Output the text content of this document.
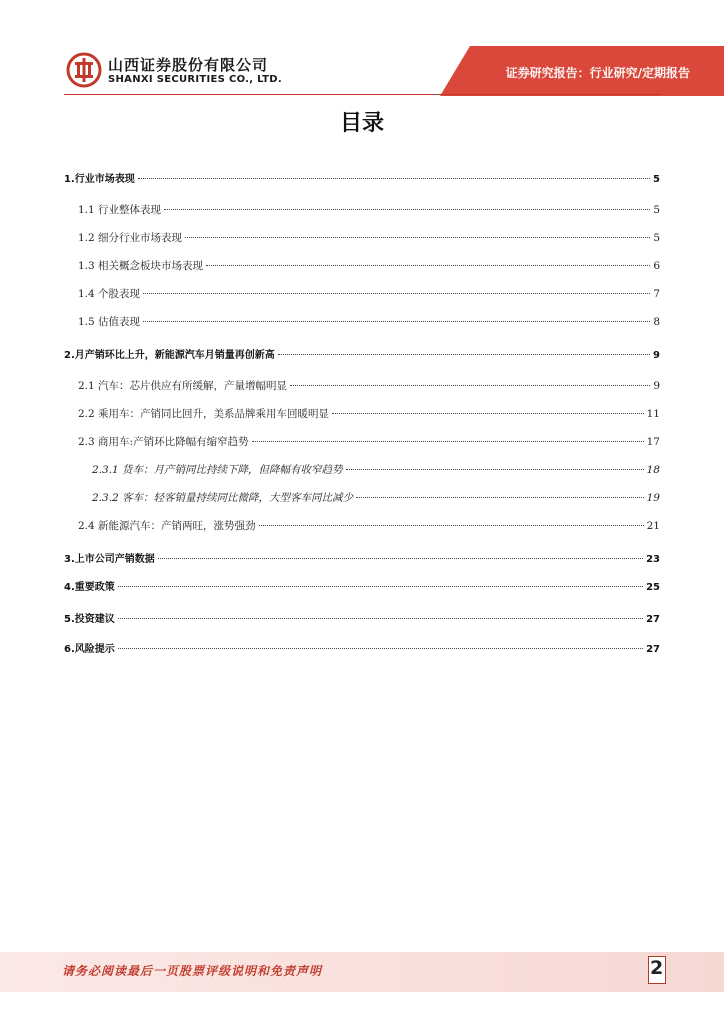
山西证券股份有限公司
SHANXI SECURITIES CO., LTD.	证券研究报告：行业研究/定期报告
目录
1.行业市场表现	5
1.1 行业整体表现	5
1.2 细分行业市场表现	5
1.3 相关概念板块市场表现	6
1.4 个股表现	7
1.5 估值表现	8
2.月产销环比上升，新能源汽车月销量再创新高	9
2.1 汽车：芯片供应有所缓解，产量增幅明显	9
2.2 乘用车：产销同比回升，美系品牌乘用车回暖明显	11
2.3 商用车:产销环比降幅有缩窄趋势	17
2.3.1 货车：月产销同比持续下降，但降幅有收窄趋势	18
2.3.2 客车：轻客销量持续同比微降，大型客车同比减少	19
2.4 新能源汽车：产销两旺，涨势强劲	21
3.上市公司产销数据	23
4.重要政策	25
5.投资建议	27
6.风险提示	27
请务必阅读最后一页股票评级说明和免责声明	2
